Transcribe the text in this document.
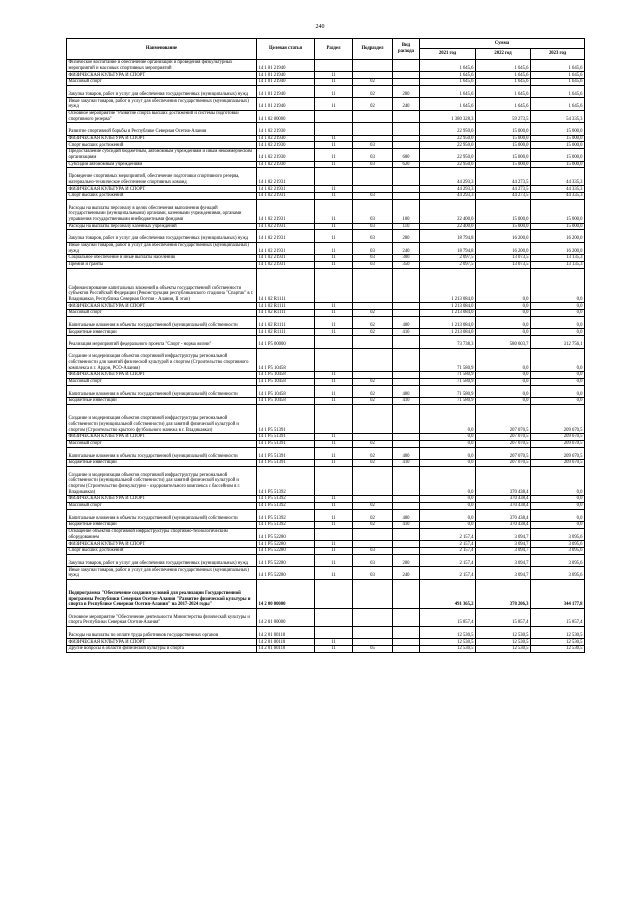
240
Наименование	Целевая статья	Раздел	Подраздел	Вид расхода	Сумма		
					2021 год	2022 год	2023 год
Физическое воспитание и обеспечение организации и проведения физкультурных мероприятий и массовых спортивных мероприятий	14 1 01 21940				1 645,6	1 645,6	1 645,6
ФИЗИЧЕСКАЯ КУЛЬТУРА И СПОРТ	14 1 01 21940	11			1 645,6	1 645,6	1 645,6
Массовый спорт	14 1 01 21940	11	02		1 645,6	1 645,6	1 645,6
Закупка товаров, работ и услуг для обеспечения государственных (муниципальных) нужд	14 1 01 21940	11	02	200	1 645,6	1 645,6	1 645,6
Иные закупки товаров, работ и услуг для обеспечения государственных (муниципальных) нужд	14 1 01 21940	11	02	240	1 645,6	1 645,6	1 645,6
Основное мероприятие "Развитие спорта высших достижений и системы подготовки спортивного резерва"	14 1 02 00000				1 380 328,3	59 273,5	54 335,3
Развитие спортивной борьбы в Республике Северная Осетия-Алания	14 1 02 21930				22 950,0	15 000,0	15 000,0
ФИЗИЧЕСКАЯ КУЛЬТУРА И СПОРТ	14 1 02 21930	11			22 950,0	15 000,0	15 000,0
Спорт высших достижений	14 1 02 21930	11	03		22 950,0	15 000,0	15 000,0
Предоставление субсидий бюджетным, автономным учреждениям и иным некоммерческим организациям	14 1 02 21930	11	03	600	22 950,0	15 000,0	15 000,0
Субсидии автономным учреждениям	14 1 02 21930	11	03	620	22 950,0	15 000,0	15 000,0
Проведение спортивных мероприятий, обеспечение подготовки спортивного резерва, материально-техническое обеспечение спортивных команд	14 1 02 21931				44 293,3	44 273,5	44 335,3
ФИЗИЧЕСКАЯ КУЛЬТУРА И СПОРТ	14 1 02 21931	11			44 293,3	44 273,5	44 335,3
Спорт высших достижений	14 1 02 21931	11	03		44 293,3	44 273,5	44 335,3
Расходы на выплаты персоналу в целях обеспечения выполнения функций государственными (муниципальными) органами, казенными учреждениями, органами управления государственными внебюджетными фондами	14 1 02 21931	11	03	100	22 400,0	15 000,0	15 000,0
Расходы на выплаты персоналу казенных учреждений	14 1 02 21931	11	03	110	22 400,0	15 000,0	15 000,0
Закупка товаров, работ и услуг для обеспечения государственных (муниципальных) нужд	14 1 02 21931	11	03	200	18 794,8	16 200,0	16 200,0
Иные закупки товаров, работ и услуг для обеспечения государственных (муниципальных) нужд	14 1 02 21931	11	03	240	18 794,8	16 200,0	16 200,0
Социальное обеспечение и иные выплаты населению	14 1 02 21931	11	03	300	2 097,5	13 073,5	13 135,3
Премии и гранты	14 1 02 21931	11	03	350	2 097,5	13 073,5	13 135,3
Софинансирование капитальных вложений в объекты государственной собственности субъектов Российской Федерации (Реконструкция республиканского стадиона "Спартак" в г. Владикавказ, Республика Северная Осетия - Алания, II этап)	14 1 02 R1111				1 213 084,0	0,0	0,0
ФИЗИЧЕСКАЯ КУЛЬТУРА И СПОРТ	14 1 02 R1111	11			1 213 084,0	0,0	0,0
Массовый спорт	14 1 02 R1111	11	02		1 213 084,0	0,0	0,0
Капитальные вложения в объекты государственной (муниципальной) собственности	14 1 02 R1111	11	02	400	1 213 084,0	0,0	0,0
Бюджетные инвестиции	14 1 02 R1111	11	02	410	1 213 084,0	0,0	0,0
Реализация мероприятий федерального проекта "Спорт - норма жизни"	14 1 P5 00000				73 738,3	580 603,7	312 756,1
Создание и модернизация объектов спортивной инфраструктуры региональной собственности для занятий физической культурой и спортом (Строительство спортивного комплекса в г. Ардон, РСО-Алания)	14 1 P5 10458				71 580,9	0,0	0,0
ФИЗИЧЕСКАЯ КУЛЬТУРА И СПОРТ	14 1 P5 10458	11			71 580,9	0,0	0,0
Массовый спорт	14 1 P5 10458	11	02		71 580,9	0,0	0,0
Капитальные вложения в объекты государственной (муниципальной) собственности	14 1 P5 10458	11	02	400	71 580,9	0,0	0,0
Бюджетные инвестиции	14 1 P5 10458	11	02	410	71 580,9	0,0	0,0
Создание и модернизация объектов спортивной инфраструктуры региональной собственности (муниципальной собственности) для занятий физической культурой и спортом (Строительство крытого футбольного манежа в г. Владикавказ)	14 1 P5 51391				0,0	207 070,5	209 670,5
ФИЗИЧЕСКАЯ КУЛЬТУРА И СПОРТ	14 1 P5 51391	11			0,0	207 070,5	209 670,5
Массовый спорт	14 1 P5 51391	11	02		0,0	207 070,5	209 670,5
Капитальные вложения в объекты государственной (муниципальной) собственности	14 1 P5 51391	11	02	400	0,0	207 070,5	209 670,5
Бюджетные инвестиции	14 1 P5 51391	11	02	410	0,0	207 070,5	209 670,5
Создание и модернизация объектов спортивной инфраструктуры региональной собственности (муниципальной собственности) для занятий физической культурой и спортом (Строительство физкультурно - оздоровительного комплекса с бассейном в г. Владикавказ)	14 1 P5 51392				0,0	370 438,4	0,0
ФИЗИЧЕСКАЯ КУЛЬТУРА И СПОРТ	14 1 P5 51392	11			0,0	370 438,4	0,0
Массовый спорт	14 1 P5 51392	11	02		0,0	370 438,4	0,0
Капитальные вложения в объекты государственной (муниципальной) собственности	14 1 P5 51392	11	02	400	0,0	370 438,4	0,0
Бюджетные инвестиции	14 1 P5 51392	11	02	410	0,0	370 438,4	0,0
Оснащение объектов спортивной инфраструктуры спортивно-технологическим оборудованием	14 1 P5 52280				2 157,4	3 094,7	3 095,6
ФИЗИЧЕСКАЯ КУЛЬТУРА И СПОРТ	14 1 P5 52280	11			2 157,4	3 094,7	3 095,6
Спорт высших достижений	14 1 P5 52280	11	03		2 157,4	3 094,7	3 095,6
Закупка товаров, работ и услуг для обеспечения государственных (муниципальных) нужд	14 1 P5 52280	11	03	200	2 157,4	3 094,7	3 095,6
Иные закупки товаров, работ и услуг для обеспечения государственных (муниципальных) нужд	14 1 P5 52280	11	03	240	2 157,4	3 094,7	3 095,6
Подпрограмма "Обеспечение создания условий для реализации Государственной программы Республики Северная Осетия-Алания "Развитие физической культуры и спорта в Республике Северная Осетия-Алания" на 2017-2024 годы"	14 2 00 00000				491 365,2	378 206,3	344 177,8
Основное мероприятие "Обеспечение деятельности Министерства физической культуры и спорта Республики Северная Осетия-Алания"	14 2 01 00000				15 857,4	15 857,4	15 857,4
Расходы на выплаты по оплате труда работников государственных органов	14 2 01 00110				12 530,5	12 530,5	12 530,5
ФИЗИЧЕСКАЯ КУЛЬТУРА И СПОРТ	14 2 01 00110	11			12 530,5	12 530,5	12 530,5
Другие вопросы в области физической культуры и спорта	14 2 01 00110	11	05		12 530,5	12 530,5	12 530,5
